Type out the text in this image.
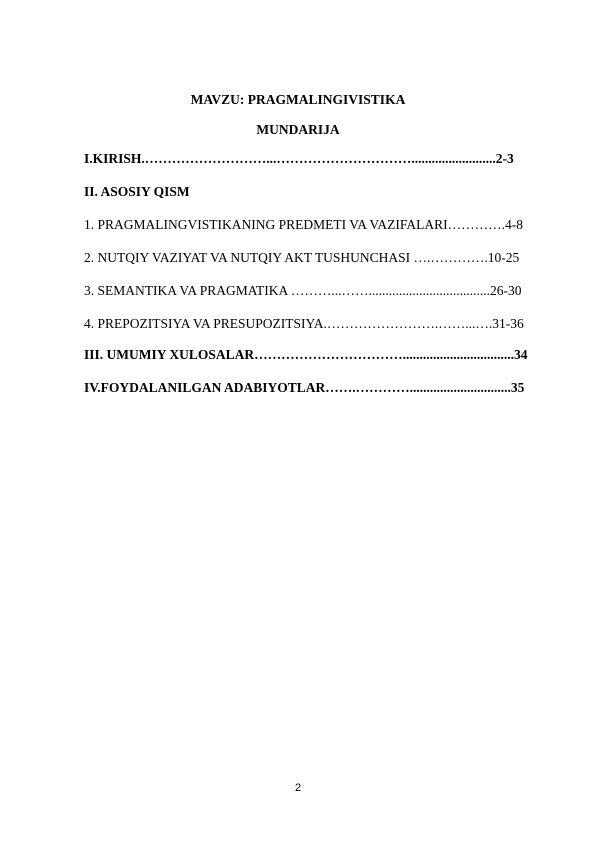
MAVZU: PRAGMALINGIVISTIKA
MUNDARIJA
I.KIRISH.………………………...………………………….........................2-3
II. ASOSIY QISM
1. PRAGMALINGVISTIKANING PREDMETI VA VAZIFALARI………….4-8
2. NUTQIY VAZIYAT VA NUTQIY AKT TUSHUNCHASI ….………….10-25
3. SEMANTIKA VA PRAGMATIKA ………...……....................................26-30
4. PREPOZITSIYA VA PRESUPOZITSIYA.…………………….……...….31-36
III. UMUMIY XULOSALAR…………………………….................................34
IV.FOYDALANILGAN ADABIYOTLAR…….…………..............................35
2
